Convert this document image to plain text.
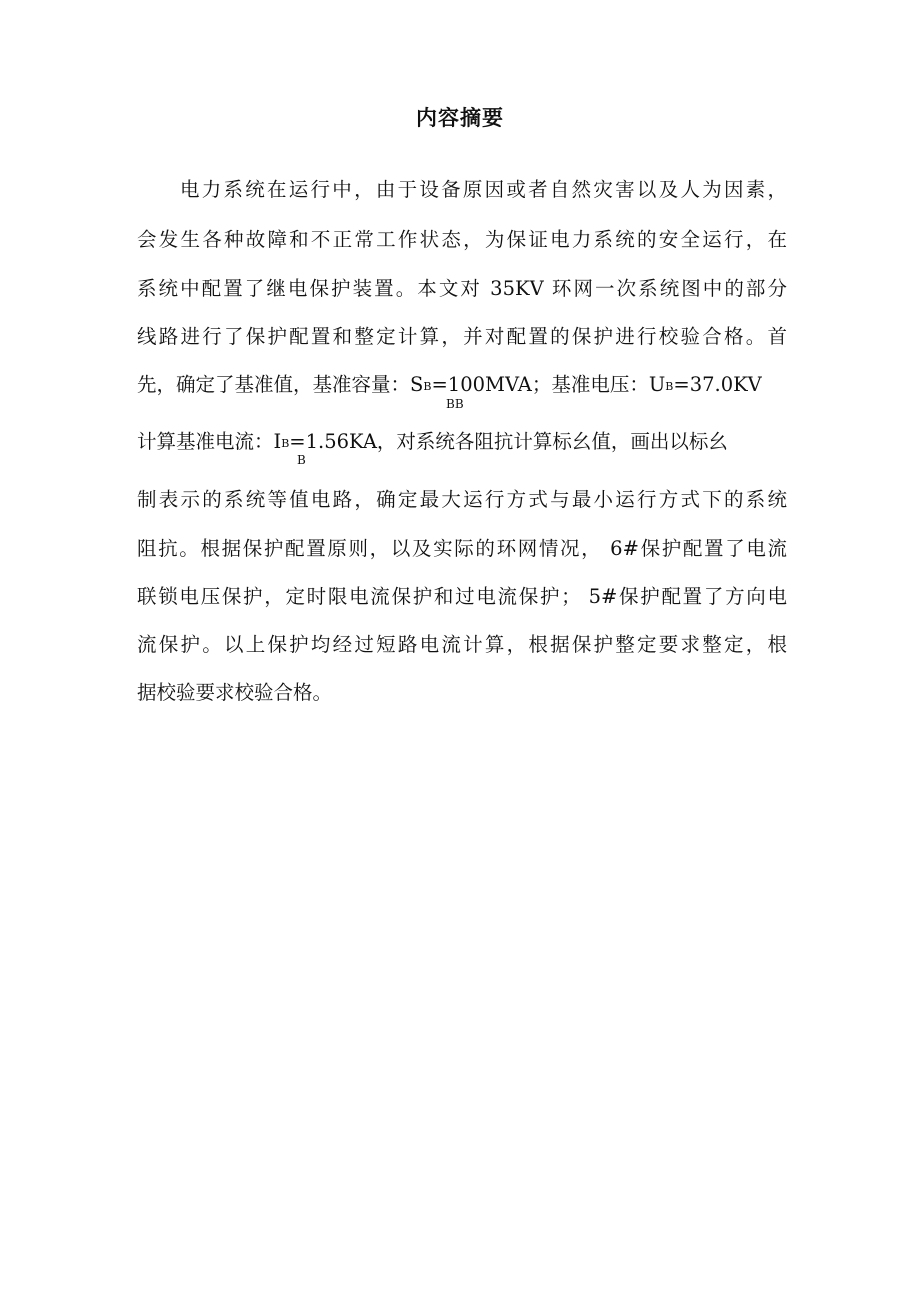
内容摘要
电力系统在运行中，由于设备原因或者自然灾害以及人为因素，
会发生各种故障和不正常工作状态，为保证电力系统的安全运行，在
系统中配置了继电保护装置。本文对 35KV 环网一次系统图中的部分
线路进行了保护配置和整定计算，并对配置的保护进行校验合格。首
先，确定了基准值，基准容量：SB=100MVA；基准电压：UB=37.0KV
BB
计算基准电流：IB=1.56KA，对系统各阻抗计算标幺值，画出以标幺
B
制表示的系统等值电路，确定最大运行方式与最小运行方式下的系统
阻抗。根据保护配置原则，以及实际的环网情况， 6#保护配置了电流
联锁电压保护，定时限电流保护和过电流保护； 5#保护配置了方向电
流保护。以上保护均经过短路电流计算，根据保护整定要求整定，根
据校验要求校验合格。
